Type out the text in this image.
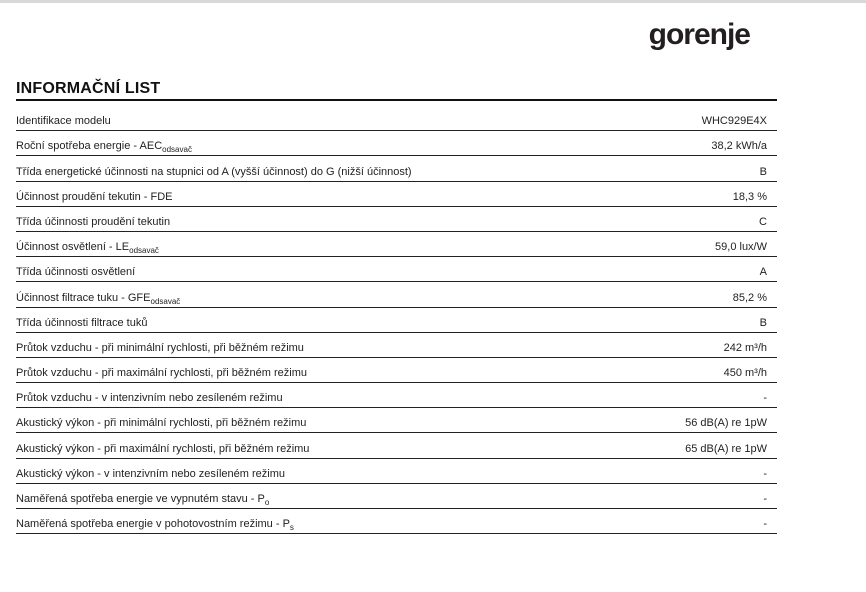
gorenje
INFORMAČNÍ LIST
Identifikace modelu	WHC929E4X
Roční spotřeba energie - $AEC_{odsavač}$	38,2 kWh/a
Třída energetické účinnosti na stupnici od A (vyšší účinnost) do G (nižší účinnost)	B
Účinnost proudění tekutin - FDE	18,3 %
Třída účinnosti proudění tekutin	C
Účinnost osvětlení - $LE_{odsavač}$	59,0 lux/W
Třída účinnosti osvětlení	A
Účinnost filtrace tuku - $GFE_{odsavač}$	85,2 %
Třída účinnosti filtrace tuků	B
Průtok vzduchu - při minimální rychlosti, při běžném režimu	242 m³/h
Průtok vzduchu - při maximální rychlosti, při běžném režimu	450 m³/h
Průtok vzduchu - v intenzivním nebo zesíleném režimu	-
Akustický výkon - při minimální rychlosti, při běžném režimu	56 dB(A) re 1pW
Akustický výkon - při maximální rychlosti, při běžném režimu	65 dB(A) re 1pW
Akustický výkon - v intenzivním nebo zesíleném režimu	-
Naměřená spotřeba energie ve vypnutém stavu - $P_o$	-
Naměřená spotřeba energie v pohotovostním režimu - $P_s$	-
